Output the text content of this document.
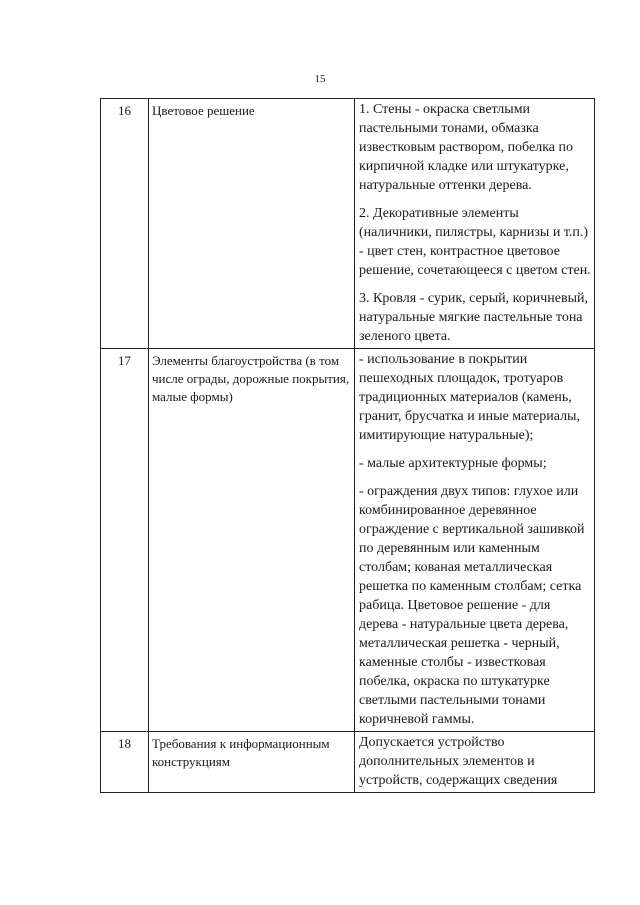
15
16	Цветовое решение	1. Стены - окраска светлыми пастельными тонами, обмазка известковым раствором, побелка по кирпичной кладке или штукатурке, натуральные оттенки дерева.

2. Декоративные элементы (наличники, пилястры, карнизы и т.п.) - цвет стен, контрастное цветовое решение, сочетающееся с цветом стен.

3. Кровля - сурик, серый, коричневый, натуральные мягкие пастельные тона зеленого цвета.

17	Элементы благоустройства (в том числе ограды, дорожные покрытия, малые формы)	- использование в покрытии пешеходных площадок, тротуаров традиционных материалов (камень, гранит, брусчатка и иные материалы, имитирующие натуральные);

- малые архитектурные формы;

- ограждения двух типов: глухое или комбинированное деревянное ограждение с вертикальной зашивкой по деревянным или каменным столбам; кованая металлическая решетка по каменным столбам; сетка рабица. Цветовое решение - для дерева - натуральные цвета дерева, металлическая решетка - черный, каменные столбы - известковая побелка, окраска по штукатурке светлыми пастельными тонами коричневой гаммы.

18	Требования к информационным конструкциям	Допускается устройство дополнительных элементов и устройств, содержащих сведения
